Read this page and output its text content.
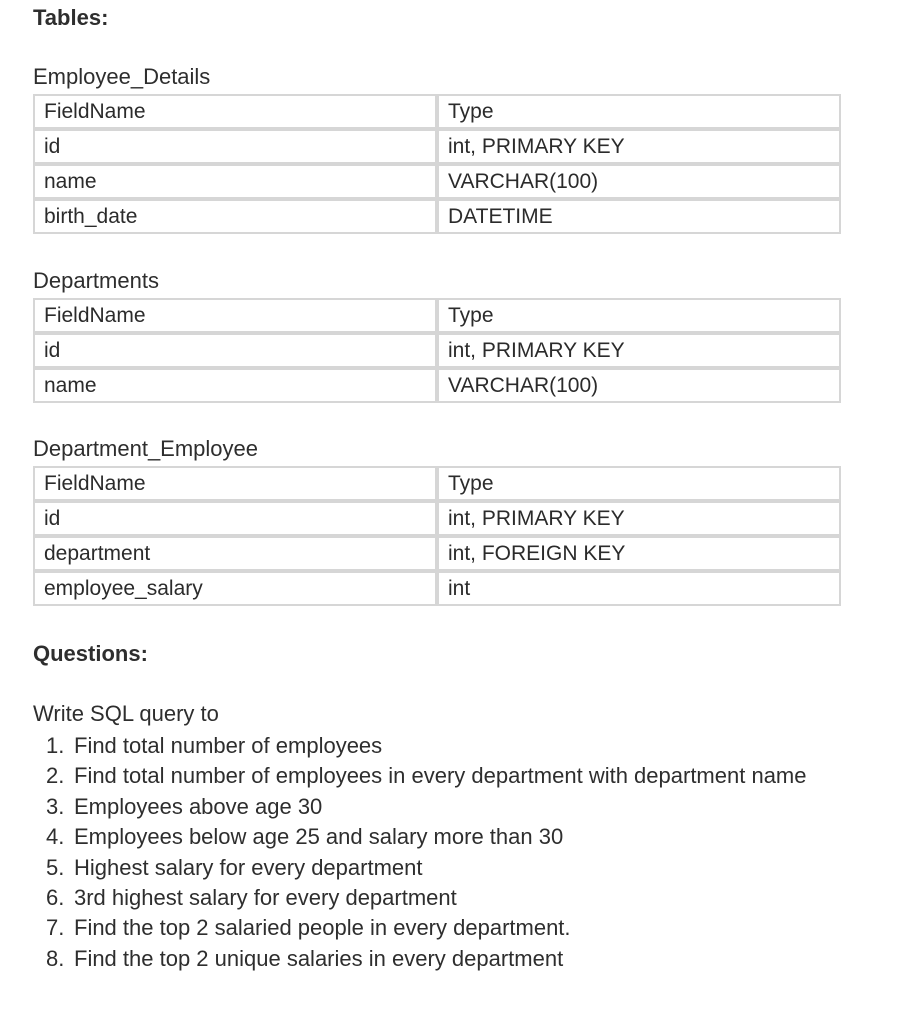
Tables:
Employee_Details
FieldName	Type
id	int, PRIMARY KEY
name	VARCHAR(100)
birth_date	DATETIME
Departments
FieldName	Type
id	int, PRIMARY KEY
name	VARCHAR(100)
Department_Employee
FieldName	Type
id	int, PRIMARY KEY
department	int, FOREIGN KEY
employee_salary	int
Questions:

Write SQL query to

1. Find total number of employees
2. Find total number of employees in every department with department name
3. Employees above age 30
4. Employees below age 25 and salary more than 30
5. Highest salary for every department
6. 3rd highest salary for every department
7. Find the top 2 salaried people in every department.
8. Find the top 2 unique salaries in every department
